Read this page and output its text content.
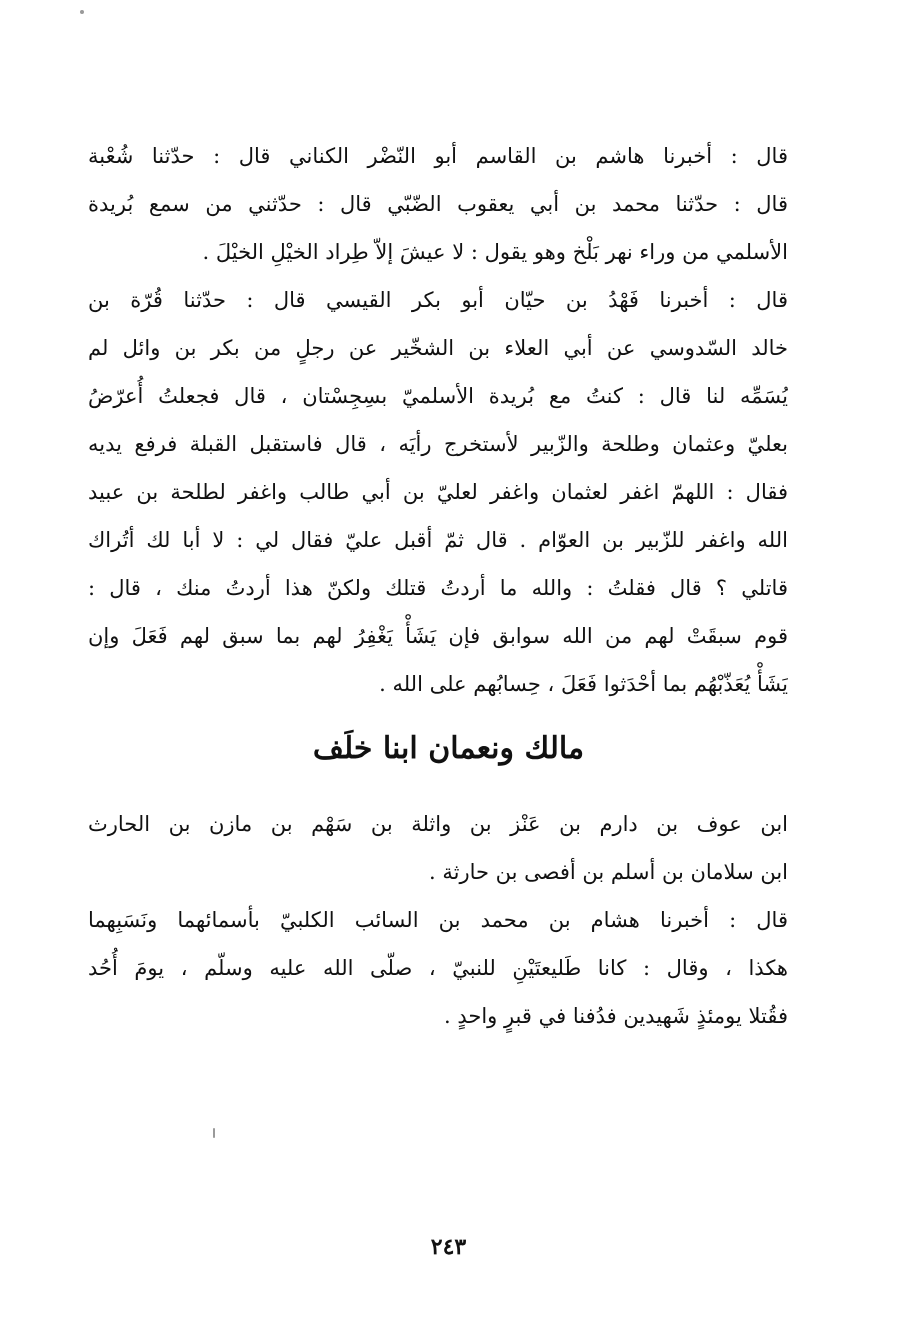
قال : أخبرنا هاشم بن القاسم أبو النّضْر الكناني قال : حدّثنا شُعْبة
قال : حدّثنا محمد بن أبي يعقوب الضّبّي قال : حدّثني من سمع بُريدة
الأسلمي من وراء نهر بَلْخ وهو يقول : لا عيشَ إلاّ طِراد الخيْلِ الخيْلَ .
قال : أخبرنا فَهْدُ بن حيّان أبو بكر القيسي قال : حدّثنا قُرّة بن
خالد السّدوسي عن أبي العلاء بن الشخّير عن رجلٍ من بكر بن وائل لم
يُسَمِّه لنا قال : كنتُ مع بُريدة الأسلميّ بسِجِسْتان ، قال فجعلتُ أُعرّضُ
بعليّ وعثمان وطلحة والزّبير لأستخرج رأيَه ، قال فاستقبل القبلة فرفع يديه
فقال : اللهمّ اغفر لعثمان واغفر لعليّ بن أبي طالب واغفر لطلحة بن عبيد
الله واغفر للزّبير بن العوّام . قال ثمّ أقبل عليّ فقال لي : لا أبا لك أتُراك
قاتلي ؟ قال فقلتُ : والله ما أردتُ قتلك ولكنّ هذا أردتُ منك ، قال :
قوم سبقَتْ لهم من الله سوابق فإن يَشَأْ يَغْفِرُ لهم بما سبق لهم فَعَلَ وإن
يَشَأْ يُعَذّبْهُم بما أحْدَثوا فَعَلَ ، حِسابُهم على الله .
مالك ونعمان ابنا خلَف
ابن عوف بن دارم بن عَنْز بن واثلة بن سَهْم بن مازن بن الحارث
ابن سلامان بن أسلم بن أفصى بن حارثة .
قال : أخبرنا هشام بن محمد بن السائب الكلبيّ بأسمائهما ونَسَبِهما
هكذا ، وقال : كانا طَليعتَيْنِ للنبيّ ، صلّى الله عليه وسلّم ، يومَ أُحُد
فقُتلا يومئذٍ شَهيدين فدُفنا في قبرٍ واحدٍ .
٢٤٣
